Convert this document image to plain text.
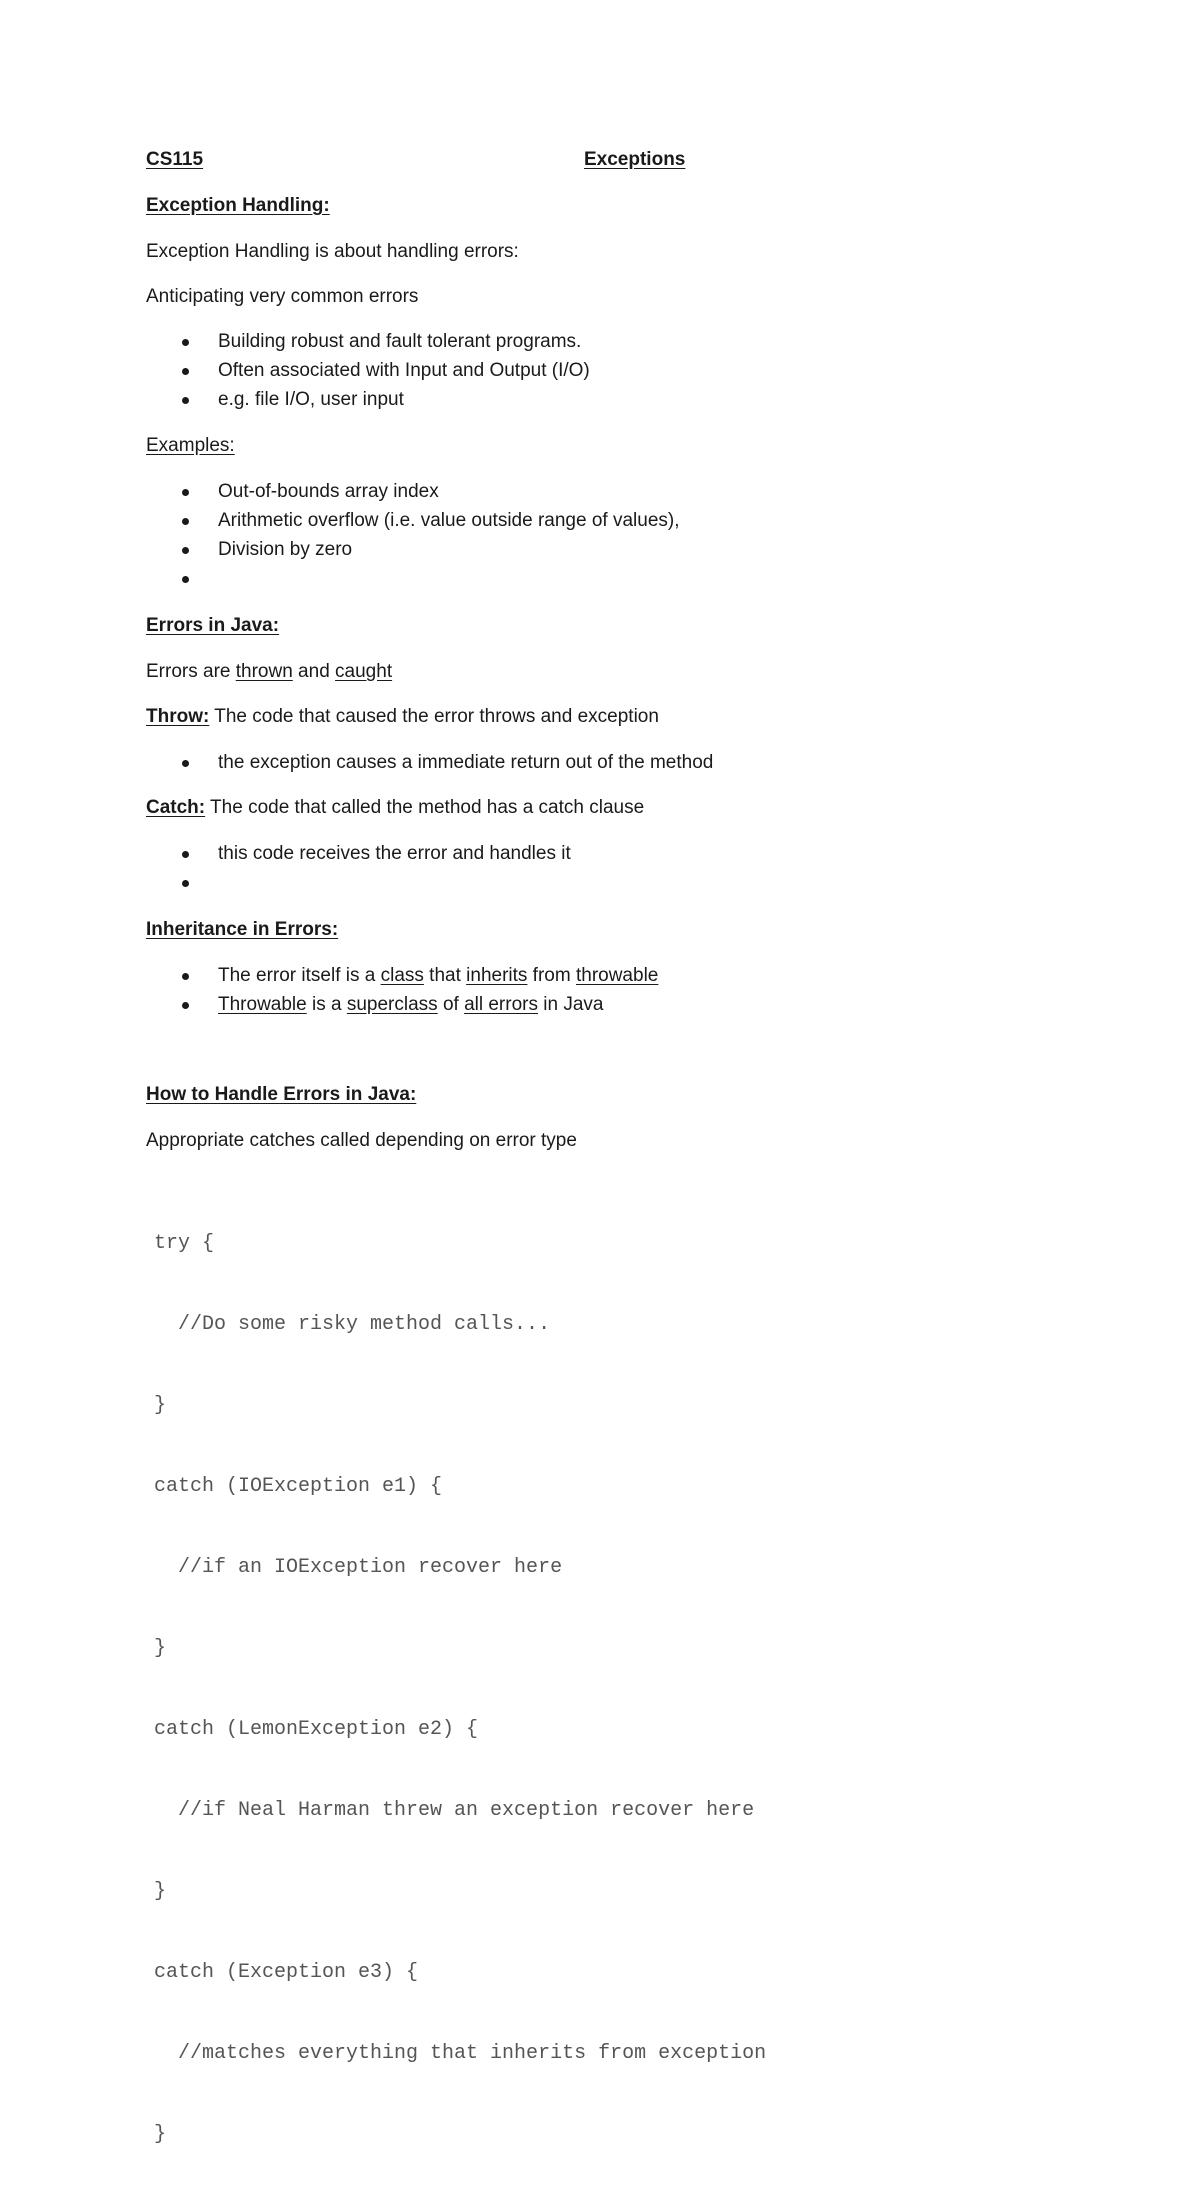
CS115	Exceptions
Exception Handling:
Exception Handling is about handling errors:
Anticipating very common errors
Building robust and fault tolerant programs.
Often associated with Input and Output (I/O)
e.g. file I/O, user input
Examples:
Out-of-bounds array index
Arithmetic overflow (i.e. value outside range of values),
Division by zero
Errors in Java:
Errors are thrown and caught
Throw: The code that caused the error throws and exception
the exception causes a immediate return out of the method
Catch: The code that called the method has a catch clause
this code receives the error and handles it
Inheritance in Errors:
The error itself is a class that inherits from throwable
Throwable is a superclass of all errors in Java
How to Handle Errors in Java:
Appropriate catches called depending on error type

try {

//Do some risky method calls...

}

catch (IOException e1) {

//if an IOException recover here

}

catch (LemonException e2) {

//if Neal Harman threw an exception recover here

}

catch (Exception e3) {

//matches everything that inherits from exception

}
